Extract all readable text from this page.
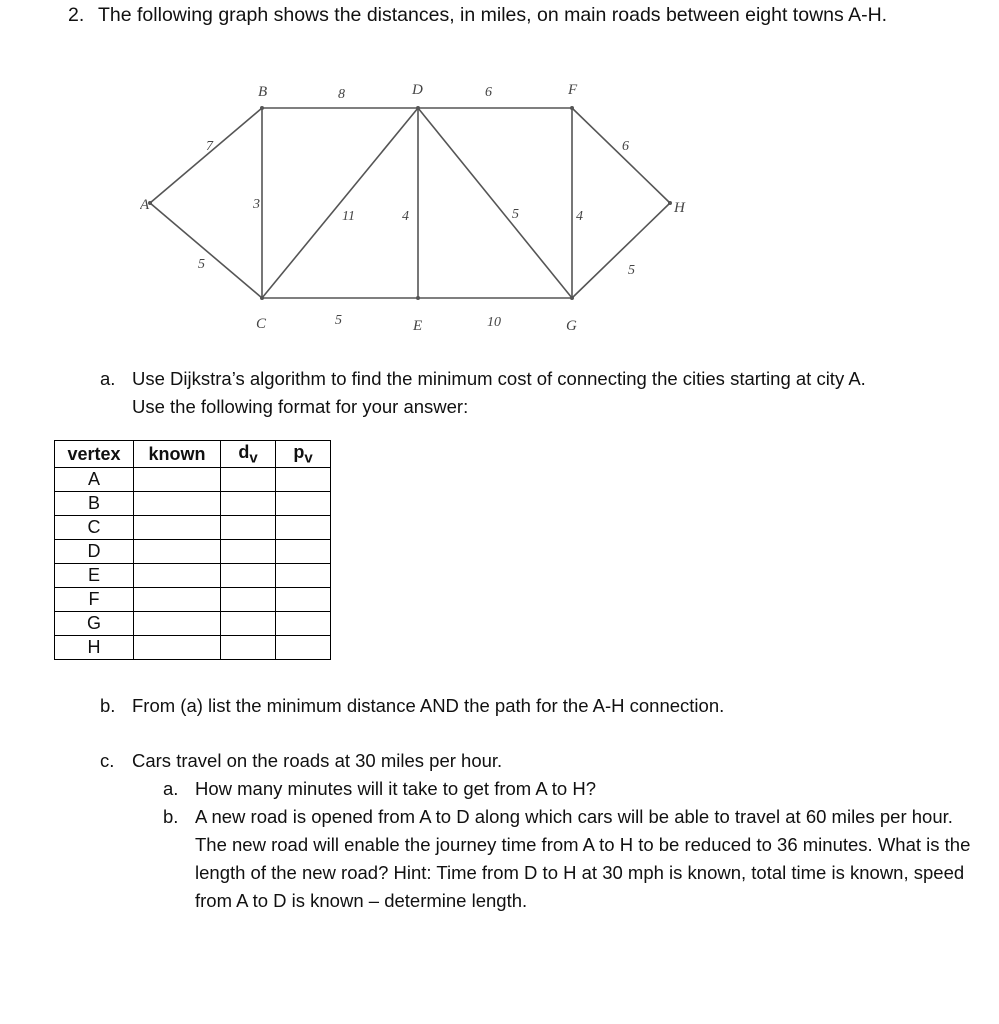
2. The following graph shows the distances, in miles, on main roads between eight towns A-H.
7
5
3
8
11
5
4
6
5
10
4
6
5
A
B
C
D
E
F
G
H
a. Use Dijkstra’s algorithm to find the minimum cost of connecting the cities starting at city A.
Use the following format for your answer:
vertex	known	$d_v$	$p_v$
A			
B			
C			
D			
E			
F			
G			
H			
b. From (a) list the minimum distance AND the path for the A-H connection.
c. Cars travel on the roads at 30 miles per hour.
a. How many minutes will it take to get from A to H?
b. A new road is opened from A to D along which cars will be able to travel at 60 miles per hour. The new road will enable the journey time from A to H to be reduced to 36 minutes. What is the length of the new road? Hint: Time from D to H at 30 mph is known, total time is known, speed from A to D is known – determine length.
